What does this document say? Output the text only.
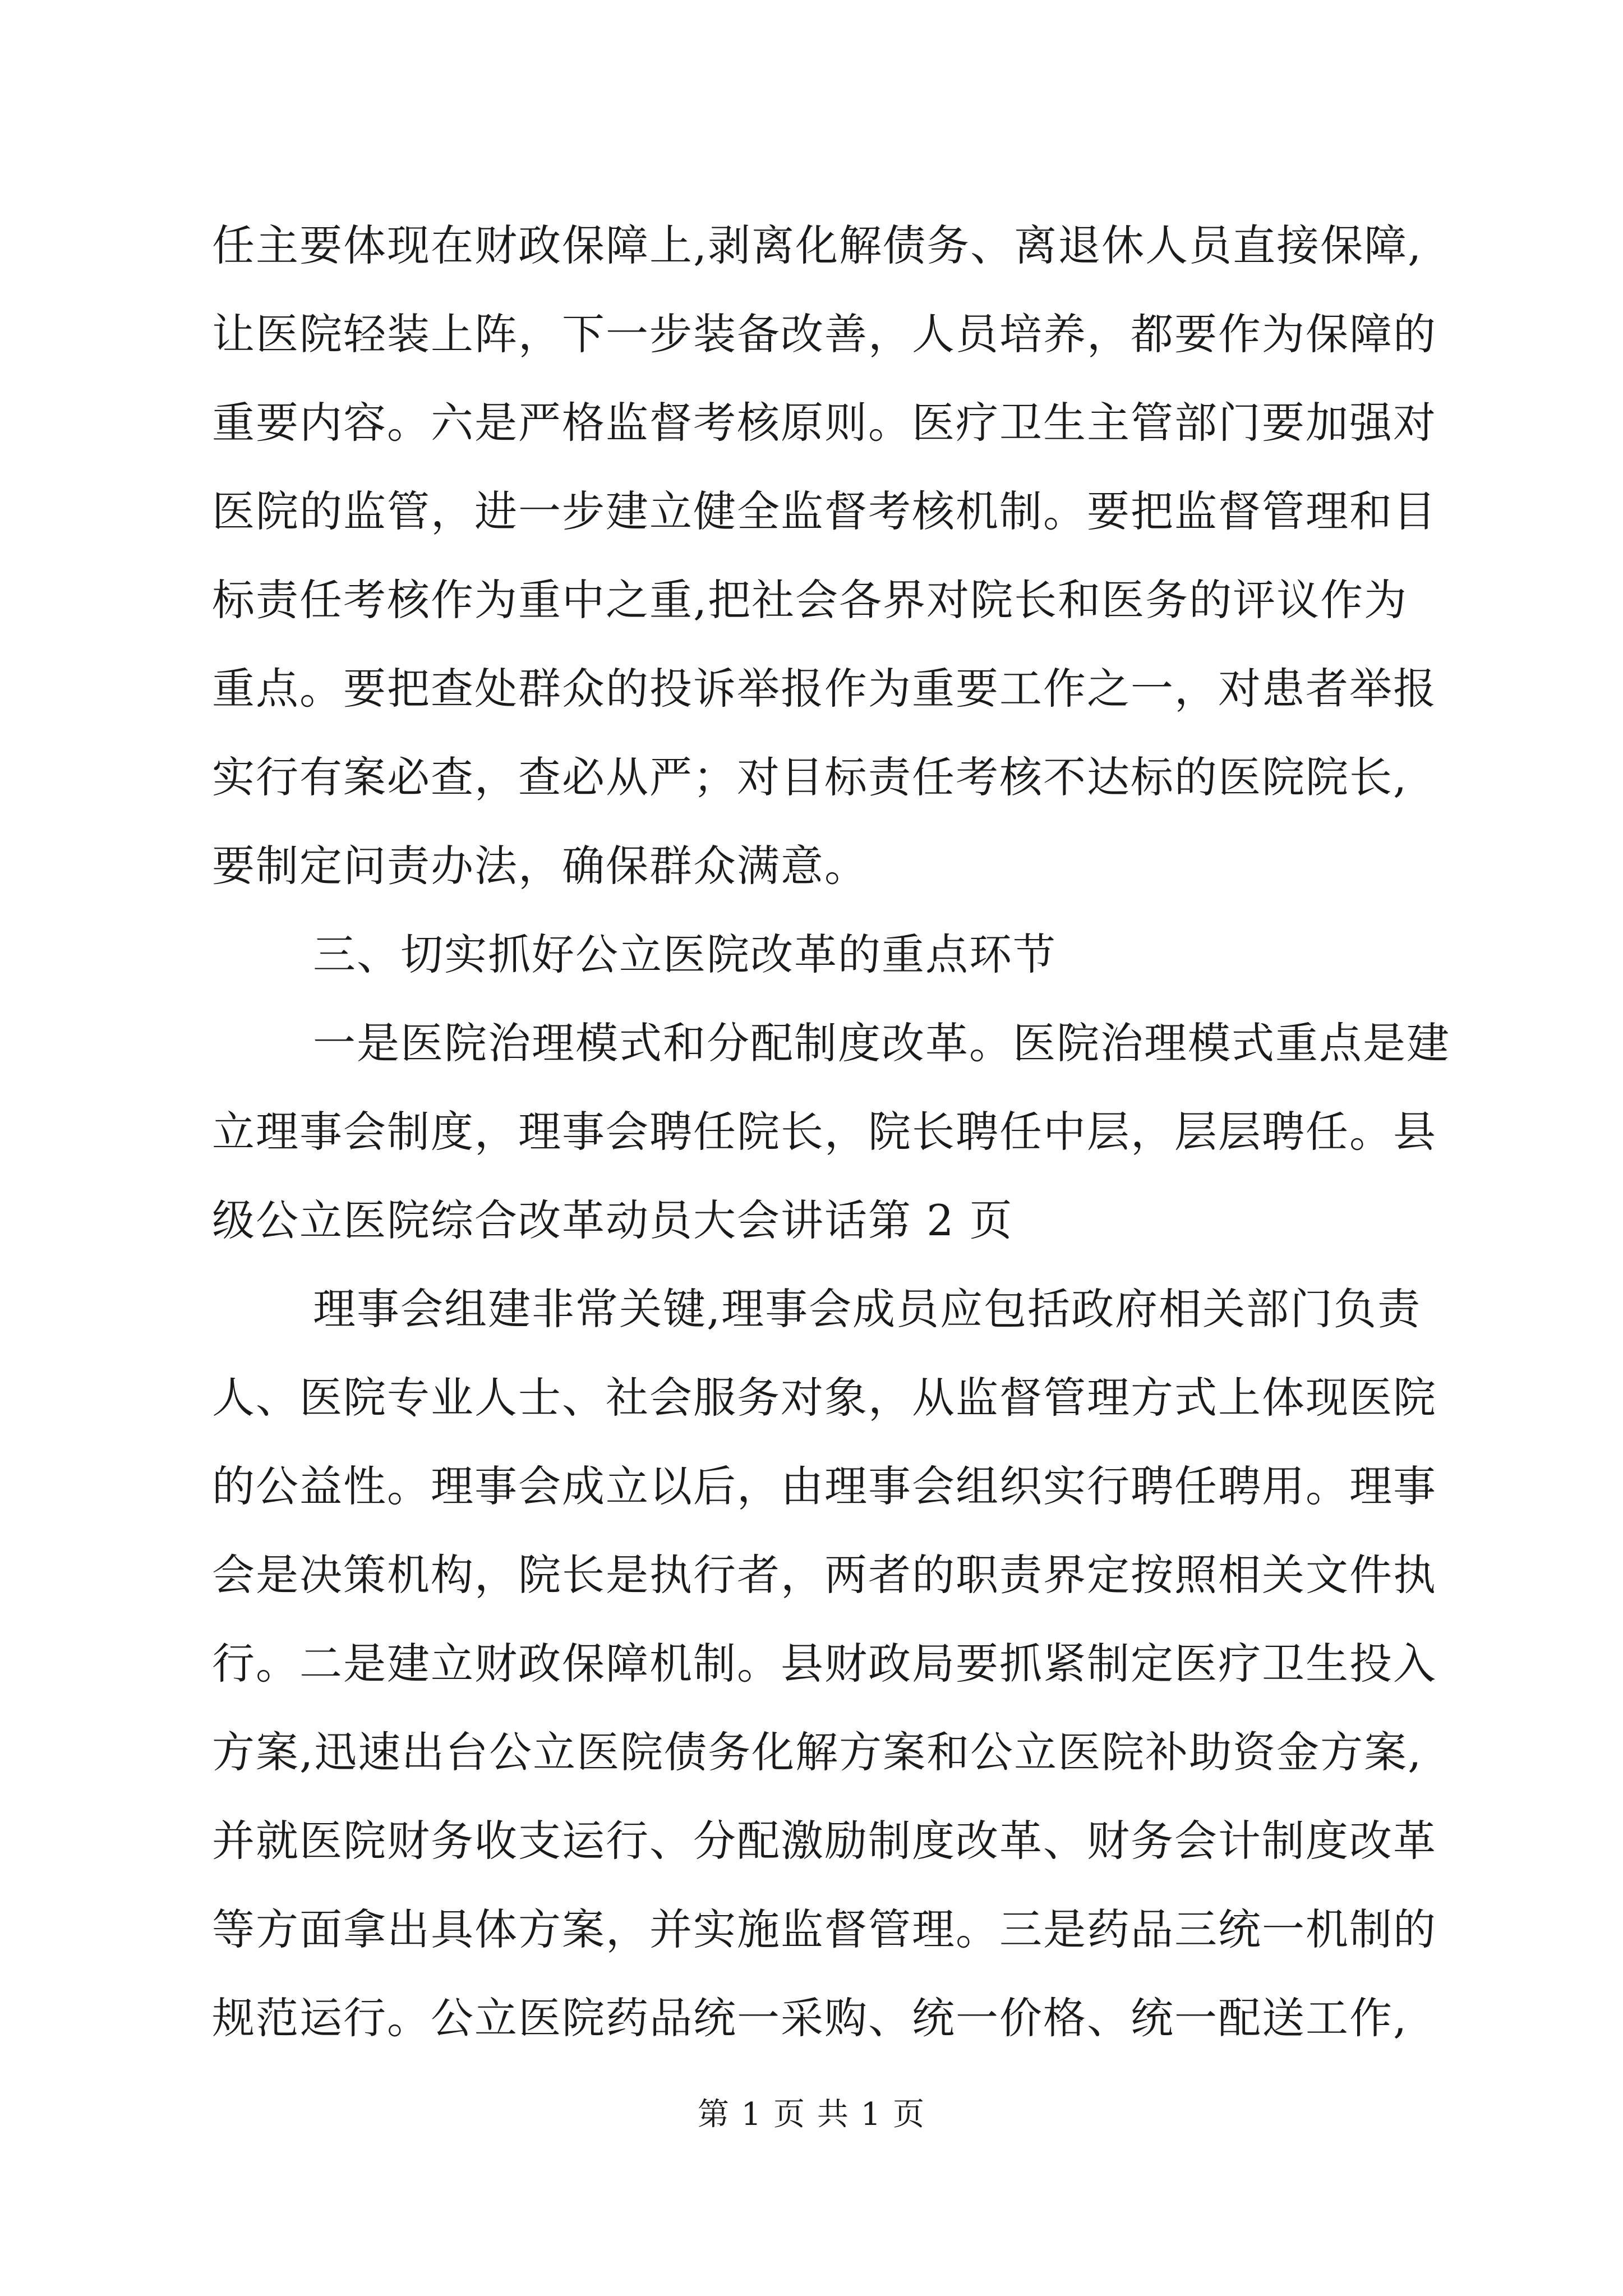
任主要体现在财政保障上,剥离化解债务、离退休人员直接保障,
让医院轻装上阵，下一步装备改善，人员培养，都要作为保障的
重要内容。六是严格监督考核原则。医疗卫生主管部门要加强对
医院的监管，进一步建立健全监督考核机制。要把监督管理和目
标责任考核作为重中之重,把社会各界对院长和医务的评议作为
重点。要把查处群众的投诉举报作为重要工作之一，对患者举报
实行有案必查，查必从严；对目标责任考核不达标的医院院长,
要制定问责办法，确保群众满意。
三、切实抓好公立医院改革的重点环节
一是医院治理模式和分配制度改革。医院治理模式重点是建
立理事会制度，理事会聘任院长，院长聘任中层，层层聘任。县
级公立医院综合改革动员大会讲话第 2 页
理事会组建非常关键,理事会成员应包括政府相关部门负责
人、医院专业人士、社会服务对象，从监督管理方式上体现医院
的公益性。理事会成立以后，由理事会组织实行聘任聘用。理事
会是决策机构，院长是执行者，两者的职责界定按照相关文件执
行。二是建立财政保障机制。县财政局要抓紧制定医疗卫生投入
方案,迅速出台公立医院债务化解方案和公立医院补助资金方案,
并就医院财务收支运行、分配激励制度改革、财务会计制度改革
等方面拿出具体方案，并实施监督管理。三是药品三统一机制的
规范运行。公立医院药品统一采购、统一价格、统一配送工作,
第 1 页 共 1 页
